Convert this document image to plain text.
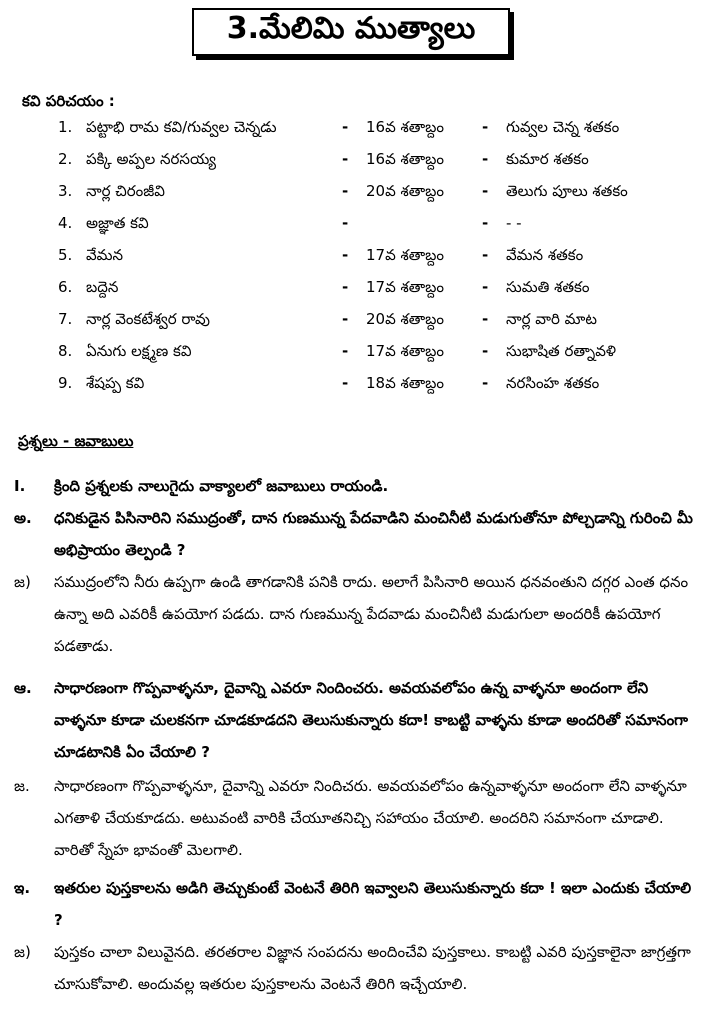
3.మేలిమి ముత్యాలు
కవి పరిచయం :
1. పట్టాభి రామ కవి/గువ్వల చెన్నడు	- 16వ శతాబ్దం	- గువ్వల చెన్న శతకం
2. పక్కి అప్పల నరసయ్య	- 16వ శతాబ్దం	- కుమార శతకం
3. నార్ల చిరంజీవి	- 20వ శతాబ్దం	- తెలుగు పూలు శతకం
4. అజ్ఞాత కవి	-	- - -
5. వేమన	- 17వ శతాబ్దం	- వేమన శతకం
6. బద్దెన	- 17వ శతాబ్దం	- సుమతి శతకం
7. నార్ల వెంకటేశ్వర రావు	- 20వ శతాబ్దం	- నార్ల వారి మాట
8. ఏనుగు లక్ష్మణ కవి	- 17వ శతాబ్దం	- సుభాషిత రత్నావళి
9. శేషప్ప కవి	- 18వ శతాబ్దం	- నరసింహ శతకం
ప్రశ్నలు - జవాబులు
I. క్రింది ప్రశ్నలకు నాలుగైదు వాక్యాలలో జవాబులు రాయండి.
అ. ధనికుడైన పిసినారిని సముద్రంతో, దాన గుణమున్న పేదవాడిని మంచినీటి మడుగుతోనూ పోల్చడాన్ని గురించి మీ అభిప్రాయం తెల్పండి ?
జ) సముద్రంలోని నీరు ఉప్పగా ఉండి తాగడానికి పనికి రాదు. అలాగే పిసినారి అయిన ధనవంతుని దగ్గర ఎంత ధనం ఉన్నా అది ఎవరికీ ఉపయోగ పడదు. దాన గుణమున్న పేదవాడు మంచినీటి మడుగులా అందరికీ ఉపయోగ పడతాడు.
ఆ. సాధారణంగా గొప్పవాళ్ళనూ, దైవాన్ని ఎవరూ నిందించరు. అవయవలోపం ఉన్న వాళ్ళనూ అందంగా లేని వాళ్ళనూ కూడా చులకనగా చూడకూడదని తెలుసుకున్నారు కదా! కాబట్టి వాళ్ళను కూడా అందరితో సమానంగా చూడటానికి ఏం చేయాలి ?
జ. సాధారణంగా గొప్పవాళ్ళనూ, దైవాన్ని ఎవరూ నిందిచరు. అవయవలోపం ఉన్నవాళ్ళనూ అందంగా లేని వాళ్ళనూ ఎగతాళి చేయకూడదు. అటువంటి వారికి చేయూతనిచ్చి సహాయం చేయాలి. అందరిని సమానంగా చూడాలి. వారితో స్నేహ భావంతో మెలగాలి.
ఇ. ఇతరుల పుస్తకాలను అడిగి తెచ్చుకుంటే వెంటనే తిరిగి ఇవ్వాలని తెలుసుకున్నారు కదా ! ఇలా ఎందుకు చేయాలి ?
జ) పుస్తకం చాలా విలువైనది. తరతరాల విజ్ఞాన సంపదను అందించేవి పుస్తకాలు. కాబట్టి ఎవరి పుస్తకాలైనా జాగ్రత్తగా చూసుకోవాలి. అందువల్ల ఇతరుల పుస్తకాలను వెంటనే తిరిగి ఇచ్చేయాలి.
